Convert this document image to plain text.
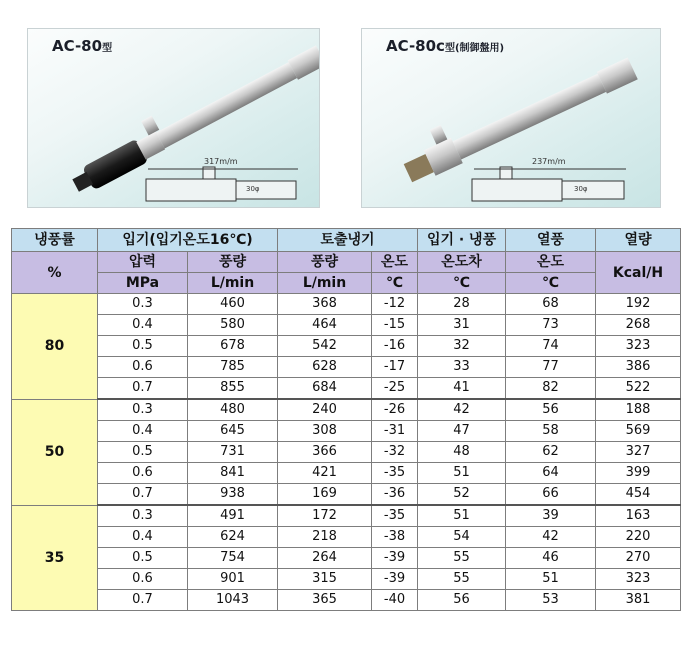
AC-80型
317m/m
30φ
AC-80c型(制御盤用)
237m/m
30φ
냉풍률	입기(입기온도16℃)		토출냉기		입기 · 냉풍	열풍	열량
%	압력	풍량	풍량	온도	온도차	온도	Kcal/H
	MPa	L/min	L/min	℃	℃	℃	
80	0.3	460	368	-12	28	68	192
	0.4	580	464	-15	31	73	268
	0.5	678	542	-16	32	74	323
	0.6	785	628	-17	33	77	386
	0.7	855	684	-25	41	82	522
50	0.3	480	240	-26	42	56	188
	0.4	645	308	-31	47	58	569
	0.5	731	366	-32	48	62	327
	0.6	841	421	-35	51	64	399
	0.7	938	169	-36	52	66	454
35	0.3	491	172	-35	51	39	163
	0.4	624	218	-38	54	42	220
	0.5	754	264	-39	55	46	270
	0.6	901	315	-39	55	51	323
	0.7	1043	365	-40	56	53	381
